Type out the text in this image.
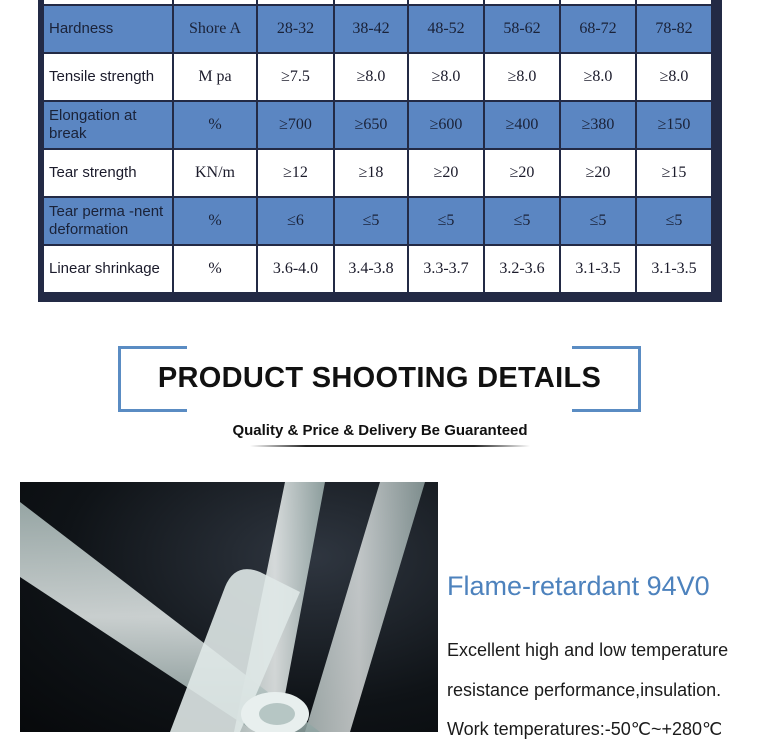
Hardness	Shore A	28-32	38-42	48-52	58-62	68-72	78-82
Tensile strength	M pa	≥7.5	≥8.0	≥8.0	≥8.0	≥8.0	≥8.0
Elongation at break	%	≥700	≥650	≥600	≥400	≥380	≥150
Tear strength	KN/m	≥12	≥18	≥20	≥20	≥20	≥15
Tear perma -nent deformation	%	≤6	≤5	≤5	≤5	≤5	≤5
Linear shrinkage	%	3.6-4.0	3.4-3.8	3.3-3.7	3.2-3.6	3.1-3.5	3.1-3.5
PRODUCT SHOOTING DETAILS
Quality & Price & Delivery Be Guaranteed
Flame-retardant 94V0
Excellent high and low temperature
resistance performance,insulation.
Work temperatures:-50℃~+280℃
